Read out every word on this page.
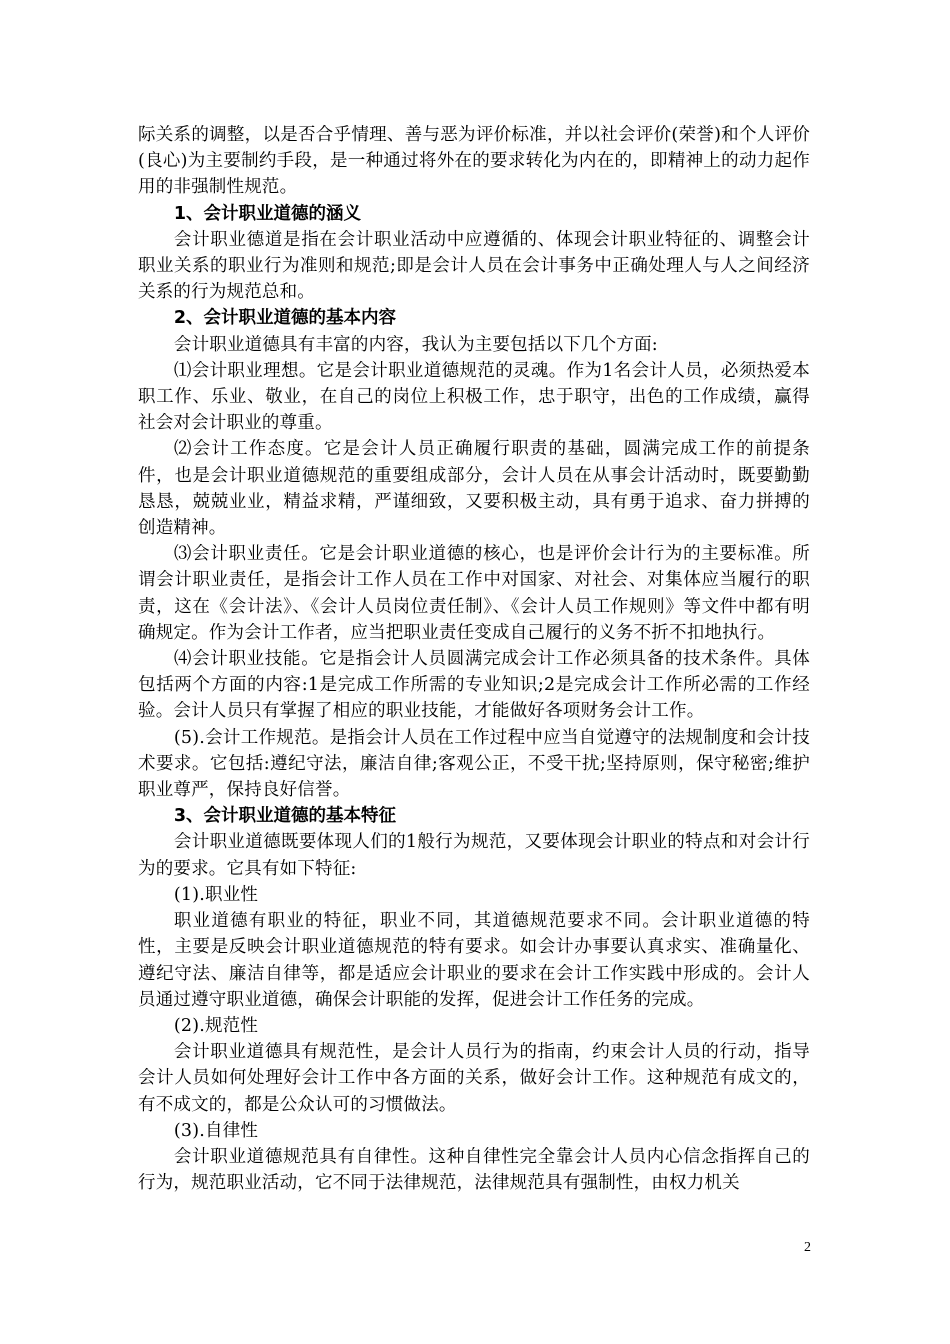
际关系的调整，以是否合乎情理、善与恶为评价标准，并以社会评价(荣誉)和个人评价(良心)为主要制约手段，是一种通过将外在的要求转化为内在的，即精神上的动力起作用的非强制性规范。

1、会计职业道德的涵义

会计职业德道是指在会计职业活动中应遵循的、体现会计职业特征的、调整会计职业关系的职业行为准则和规范;即是会计人员在会计事务中正确处理人与人之间经济关系的行为规范总和。

2、会计职业道德的基本内容

会计职业道德具有丰富的内容，我认为主要包括以下几个方面:

⑴会计职业理想。它是会计职业道德规范的灵魂。作为1名会计人员，必须热爱本职工作、乐业、敬业，在自己的岗位上积极工作，忠于职守，出色的工作成绩，赢得社会对会计职业的尊重。

⑵会计工作态度。它是会计人员正确履行职责的基础，圆满完成工作的前提条件，也是会计职业道德规范的重要组成部分，会计人员在从事会计活动时，既要勤勤恳恳，兢兢业业，精益求精，严谨细致，又要积极主动，具有勇于追求、奋力拼搏的创造精神。

⑶会计职业责任。它是会计职业道德的核心，也是评价会计行为的主要标准。所谓会计职业责任，是指会计工作人员在工作中对国家、对社会、对集体应当履行的职责，这在《会计法》、《会计人员岗位责任制》、《会计人员工作规则》等文件中都有明确规定。作为会计工作者，应当把职业责任变成自己履行的义务不折不扣地执行。

⑷会计职业技能。它是指会计人员圆满完成会计工作必须具备的技术条件。具体包括两个方面的内容:1是完成工作所需的专业知识;2是完成会计工作所必需的工作经验。会计人员只有掌握了相应的职业技能，才能做好各项财务会计工作。

(5).会计工作规范。是指会计人员在工作过程中应当自觉遵守的法规制度和会计技术要求。它包括:遵纪守法，廉洁自律;客观公正，不受干扰;坚持原则，保守秘密;维护职业尊严，保持良好信誉。

3、会计职业道德的基本特征

会计职业道德既要体现人们的1般行为规范，又要体现会计职业的特点和对会计行为的要求。它具有如下特征:

(1).职业性

职业道德有职业的特征，职业不同，其道德规范要求不同。会计职业道德的特性，主要是反映会计职业道德规范的特有要求。如会计办事要认真求实、准确量化、遵纪守法、廉洁自律等，都是适应会计职业的要求在会计工作实践中形成的。会计人员通过遵守职业道德，确保会计职能的发挥，促进会计工作任务的完成。

(2).规范性

会计职业道德具有规范性，是会计人员行为的指南，约束会计人员的行动，指导会计人员如何处理好会计工作中各方面的关系，做好会计工作。这种规范有成文的，有不成文的，都是公众认可的习惯做法。

(3).自律性

会计职业道德规范具有自律性。这种自律性完全靠会计人员内心信念指挥自己的行为，规范职业活动，它不同于法律规范，法律规范具有强制性，由权力机关

2
